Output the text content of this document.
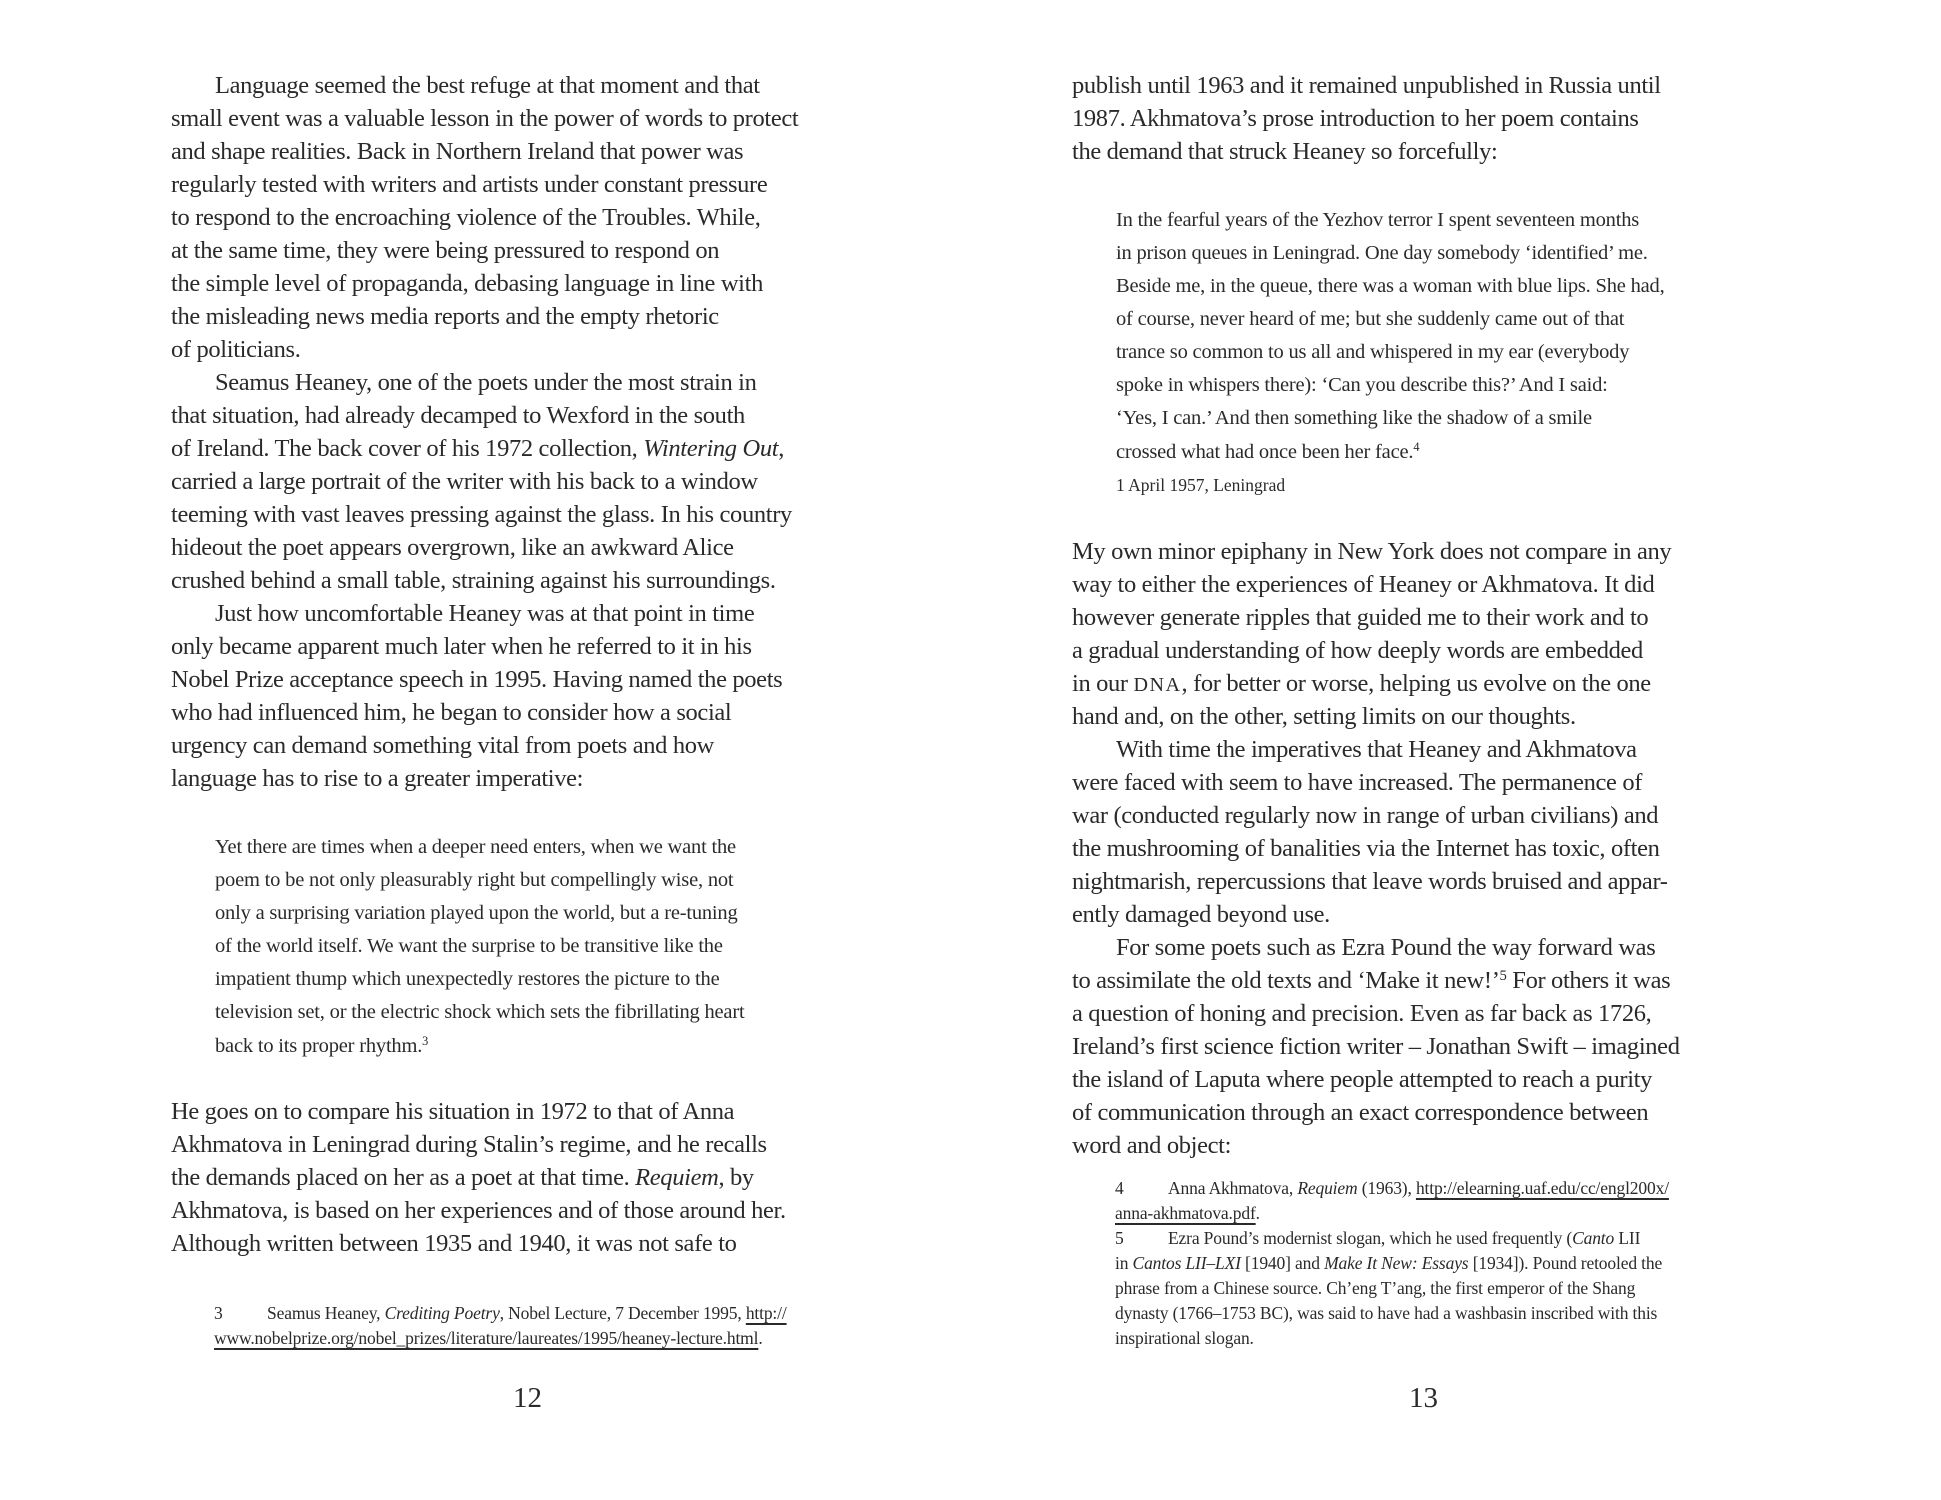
Language seemed the best refuge at that moment and that
small event was a valuable lesson in the power of words to protect
and shape realities. Back in Northern Ireland that power was
regularly tested with writers and artists under constant pressure
to respond to the encroaching violence of the Troubles. While,
at the same time, they were being pressured to respond on
the simple level of propaganda, debasing language in line with
the misleading news media reports and the empty rhetoric
of politicians.
Seamus Heaney, one of the poets under the most strain in
that situation, had already decamped to Wexford in the south
of Ireland. The back cover of his 1972 collection, Wintering Out,
carried a large portrait of the writer with his back to a window
teeming with vast leaves pressing against the glass. In his country
hideout the poet appears overgrown, like an awkward Alice
crushed behind a small table, straining against his surroundings.
Just how uncomfortable Heaney was at that point in time
only became apparent much later when he referred to it in his
Nobel Prize acceptance speech in 1995. Having named the poets
who had influenced him, he began to consider how a social
urgency can demand something vital from poets and how
language has to rise to a greater imperative:
Yet there are times when a deeper need enters, when we want the
poem to be not only pleasurably right but compellingly wise, not
only a surprising variation played upon the world, but a re-tuning
of the world itself. We want the surprise to be transitive like the
impatient thump which unexpectedly restores the picture to the
television set, or the electric shock which sets the fibrillating heart
back to its proper rhythm.$^3$
He goes on to compare his situation in 1972 to that of Anna
Akhmatova in Leningrad during Stalin’s regime, and he recalls
the demands placed on her as a poet at that time. Requiem, by
Akhmatova, is based on her experiences and of those around her.
Although written between 1935 and 1940, it was not safe to
3	Seamus Heaney, Crediting Poetry, Nobel Lecture, 7 December 1995, http://
www.nobelprize.org/nobel_prizes/literature/laureates/1995/heaney-lecture.html.
12
publish until 1963 and it remained unpublished in Russia until
1987. Akhmatova’s prose introduction to her poem contains
the demand that struck Heaney so forcefully:
In the fearful years of the Yezhov terror I spent seventeen months
in prison queues in Leningrad. One day somebody ‘identified’ me.
Beside me, in the queue, there was a woman with blue lips. She had,
of course, never heard of me; but she suddenly came out of that
trance so common to us all and whispered in my ear (everybody
spoke in whispers there): ‘Can you describe this?’ And I said:
‘Yes, I can.’ And then something like the shadow of a smile
crossed what had once been her face.$^4$
1 April 1957, Leningrad
My own minor epiphany in New York does not compare in any
way to either the experiences of Heaney or Akhmatova. It did
however generate ripples that guided me to their work and to
a gradual understanding of how deeply words are embedded
in our DNA, for better or worse, helping us evolve on the one
hand and, on the other, setting limits on our thoughts.
With time the imperatives that Heaney and Akhmatova
were faced with seem to have increased. The permanence of
war (conducted regularly now in range of urban civilians) and
the mushrooming of banalities via the Internet has toxic, often
nightmarish, repercussions that leave words bruised and appar-
ently damaged beyond use.
For some poets such as Ezra Pound the way forward was
to assimilate the old texts and ‘Make it new!’$^5$ For others it was
a question of honing and precision. Even as far back as 1726,
Ireland’s first science fiction writer – Jonathan Swift – imagined
the island of Laputa where people attempted to reach a purity
of communication through an exact correspondence between
word and object:
4	Anna Akhmatova, Requiem (1963), http://elearning.uaf.edu/cc/engl200x/
anna-akhmatova.pdf.
5	Ezra Pound’s modernist slogan, which he used frequently (Canto LII
in Cantos LII–LXI [1940] and Make It New: Essays [1934]). Pound retooled the
phrase from a Chinese source. Ch’eng T’ang, the first emperor of the Shang
dynasty (1766–1753 BC), was said to have had a washbasin inscribed with this
inspirational slogan.
13
